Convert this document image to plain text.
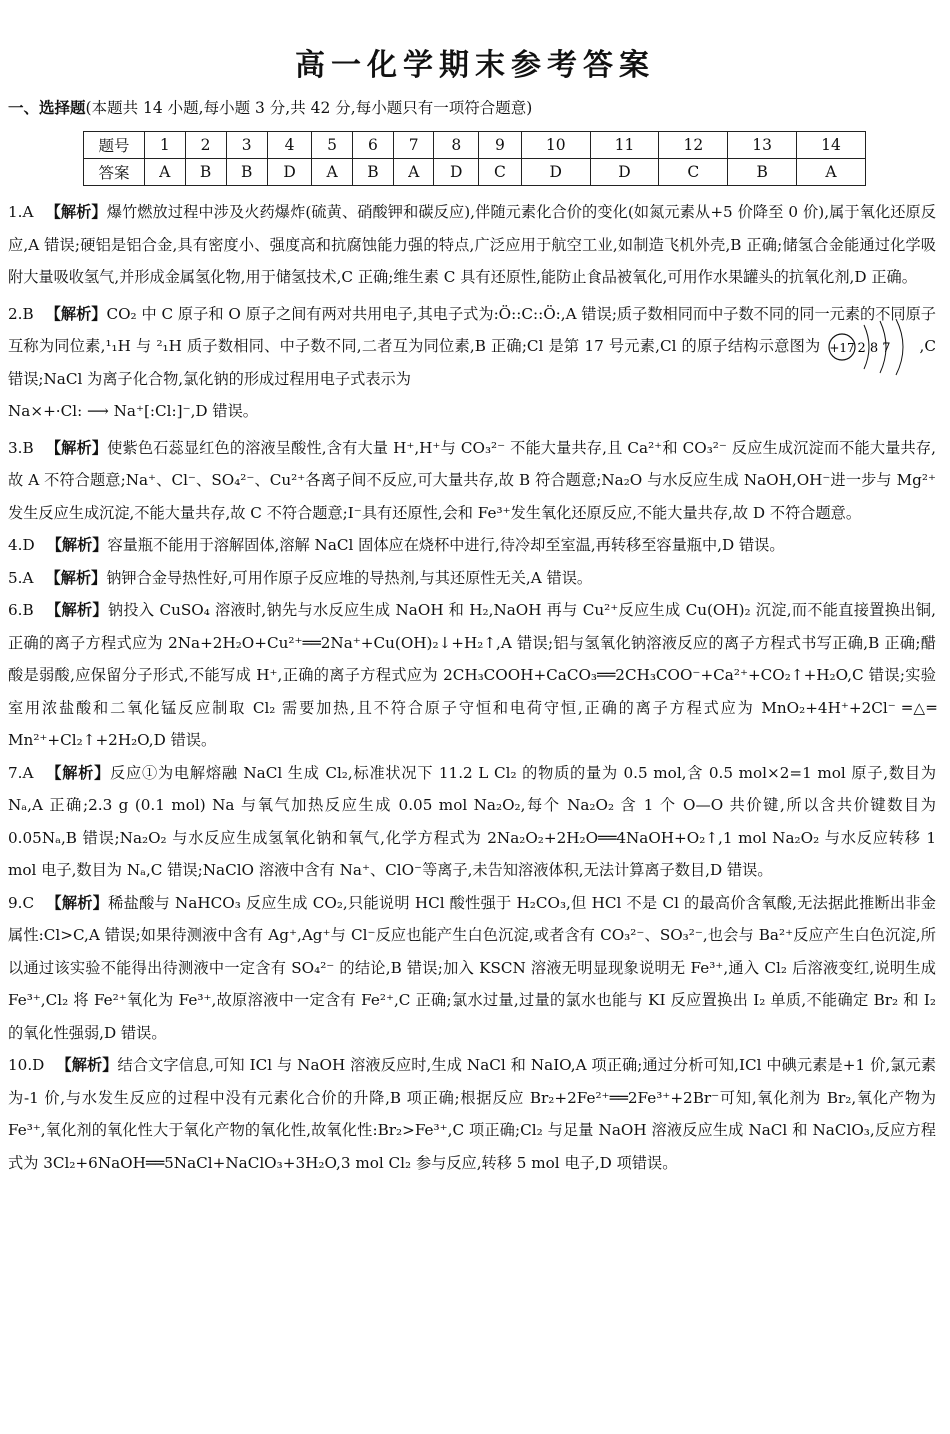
高一化学期末参考答案
一、选择题(本题共 14 小题,每小题 3 分,共 42 分,每小题只有一项符合题意)
题号	1	2	3	4	5	6	7	8	9	10	11	12	13	14
答案	A	B	B	D	A	B	A	D	C	D	D	C	B	A

1.A 【解析】爆竹燃放过程中涉及火药爆炸(硫黄、硝酸钾和碳反应),伴随元素化合价的变化(如氮元素从+5 价降至 0 价),属于氧化还原反应,A 错误;硬铝是铝合金,具有密度小、强度高和抗腐蚀能力强的特点,广泛应用于航空工业,如制造飞机外壳,B 正确;储氢合金能通过化学吸附大量吸收氢气,并形成金属氢化物,用于储氢技术,C 正确;维生素 C 具有还原性,能防止食品被氧化,可用作水果罐头的抗氧化剂,D 正确。

2.B 【解析】CO₂ 中 C 原子和 O 原子之间有两对共用电子,其电子式为:Ö::C::Ö:,A 错误;质子数相同而中子数不同的同一元素的不同原子互称为同位素,¹₁H 与 ²₁H 质子数相同、中子数不同,二者互为同位素,B 正确;Cl 是第 17 号元素,Cl 的原子结构示意图为 +17 2 8 7 ,C 错误;NaCl 为离子化合物,氯化钠的形成过程用电子式表示为
Na×+·Cl: ⟶ Na⁺[:Cl:]⁻,D 错误。

3.B 【解析】使紫色石蕊显红色的溶液呈酸性,含有大量 H⁺,H⁺与 CO₃²⁻ 不能大量共存,且 Ca²⁺和 CO₃²⁻ 反应生成沉淀而不能大量共存,故 A 不符合题意;Na⁺、Cl⁻、SO₄²⁻、Cu²⁺各离子间不反应,可大量共存,故 B 符合题意;Na₂O 与水反应生成 NaOH,OH⁻进一步与 Mg²⁺发生反应生成沉淀,不能大量共存,故 C 不符合题意;I⁻具有还原性,会和 Fe³⁺发生氧化还原反应,不能大量共存,故 D 不符合题意。

4.D 【解析】容量瓶不能用于溶解固体,溶解 NaCl 固体应在烧杯中进行,待冷却至室温,再转移至容量瓶中,D 错误。

5.A 【解析】钠钾合金导热性好,可用作原子反应堆的导热剂,与其还原性无关,A 错误。

6.B 【解析】钠投入 CuSO₄ 溶液时,钠先与水反应生成 NaOH 和 H₂,NaOH 再与 Cu²⁺反应生成 Cu(OH)₂ 沉淀,而不能直接置换出铜,正确的离子方程式应为 2Na+2H₂O+Cu²⁺══2Na⁺+Cu(OH)₂↓+H₂↑,A 错误;铝与氢氧化钠溶液反应的离子方程式书写正确,B 正确;醋酸是弱酸,应保留分子形式,不能写成 H⁺,正确的离子方程式应为 2CH₃COOH+CaCO₃══2CH₃COO⁻+Ca²⁺+CO₂↑+H₂O,C 错误;实验室用浓盐酸和二氧化锰反应制取 Cl₂ 需要加热,且不符合原子守恒和电荷守恒,正确的离子方程式应为 MnO₂+4H⁺+2Cl⁻ ═△═ Mn²⁺+Cl₂↑+2H₂O,D 错误。

7.A 【解析】反应①为电解熔融 NaCl 生成 Cl₂,标准状况下 11.2 L Cl₂ 的物质的量为 0.5 mol,含 0.5 mol×2=1 mol 原子,数目为 Nₐ,A 正确;2.3 g (0.1 mol) Na 与氧气加热反应生成 0.05 mol Na₂O₂,每个 Na₂O₂ 含 1 个 O—O 共价键,所以含共价键数目为 0.05Nₐ,B 错误;Na₂O₂ 与水反应生成氢氧化钠和氧气,化学方程式为 2Na₂O₂+2H₂O══4NaOH+O₂↑,1 mol Na₂O₂ 与水反应转移 1 mol 电子,数目为 Nₐ,C 错误;NaClO 溶液中含有 Na⁺、ClO⁻等离子,未告知溶液体积,无法计算离子数目,D 错误。

9.C 【解析】稀盐酸与 NaHCO₃ 反应生成 CO₂,只能说明 HCl 酸性强于 H₂CO₃,但 HCl 不是 Cl 的最高价含氧酸,无法据此推断出非金属性:Cl>C,A 错误;如果待测液中含有 Ag⁺,Ag⁺与 Cl⁻反应也能产生白色沉淀,或者含有 CO₃²⁻、SO₃²⁻,也会与 Ba²⁺反应产生白色沉淀,所以通过该实验不能得出待测液中一定含有 SO₄²⁻ 的结论,B 错误;加入 KSCN 溶液无明显现象说明无 Fe³⁺,通入 Cl₂ 后溶液变红,说明生成 Fe³⁺,Cl₂ 将 Fe²⁺氧化为 Fe³⁺,故原溶液中一定含有 Fe²⁺,C 正确;氯水过量,过量的氯水也能与 KI 反应置换出 I₂ 单质,不能确定 Br₂ 和 I₂ 的氧化性强弱,D 错误。

10.D 【解析】结合文字信息,可知 ICl 与 NaOH 溶液反应时,生成 NaCl 和 NaIO,A 项正确;通过分析可知,ICl 中碘元素是+1 价,氯元素为-1 价,与水发生反应的过程中没有元素化合价的升降,B 项正确;根据反应 Br₂+2Fe²⁺══2Fe³⁺+2Br⁻可知,氧化剂为 Br₂,氧化产物为 Fe³⁺,氧化剂的氧化性大于氧化产物的氧化性,故氧化性:Br₂>Fe³⁺,C 项正确;Cl₂ 与足量 NaOH 溶液反应生成 NaCl 和 NaClO₃,反应方程式为 3Cl₂+6NaOH══5NaCl+NaClO₃+3H₂O,3 mol Cl₂ 参与反应,转移 5 mol 电子,D 项错误。
